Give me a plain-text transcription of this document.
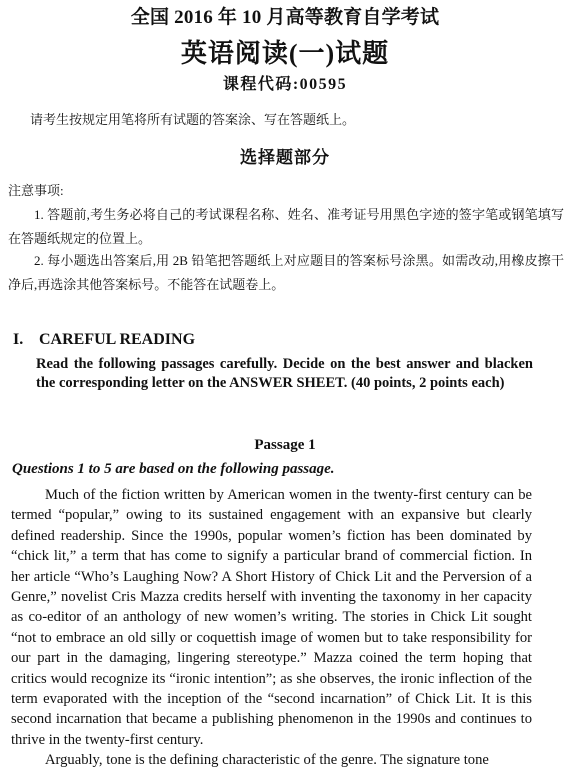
全国 2016 年 10 月高等教育自学考试
英语阅读(一)试题
课程代码:00595
请考生按规定用笔将所有试题的答案涂、写在答题纸上。
选择题部分
注意事项:
1. 答题前,考生务必将自己的考试课程名称、姓名、准考证号用黑色字迹的签字笔或钢笔填写在答题纸规定的位置上。
2. 每小题选出答案后,用 2B 铅笔把答题纸上对应题目的答案标号涂黑。如需改动,用橡皮擦干净后,再选涂其他答案标号。不能答在试题卷上。
I. CAREFUL READING
Read the following passages carefully. Decide on the best answer and blacken the corresponding letter on the ANSWER SHEET. (40 points, 2 points each)
Passage 1
Questions 1 to 5 are based on the following passage.

Much of the fiction written by American women in the twenty-first century can be termed “popular,” owing to its sustained engagement with an expansive but clearly defined readership. Since the 1990s, popular women’s fiction has been dominated by “chick lit,” a term that has come to signify a particular brand of commercial fiction. In her article “Who’s Laughing Now? A Short History of Chick Lit and the Perversion of a Genre,” novelist Cris Mazza credits herself with inventing the taxonomy in her capacity as co-editor of an anthology of new women’s writing. The stories in Chick Lit sought “not to embrace an old silly or coquettish image of women but to take responsibility for our part in the damaging, lingering stereotype.” Mazza coined the term hoping that critics would recognize its “ironic intention”; as she observes, the ironic inflection of the term evaporated with the inception of the “second incarnation” of Chick Lit. It is this second incarnation that became a publishing phenomenon in the 1990s and continues to thrive in the twenty-first century.

Arguably, tone is the defining characteristic of the genre. The signature tone
